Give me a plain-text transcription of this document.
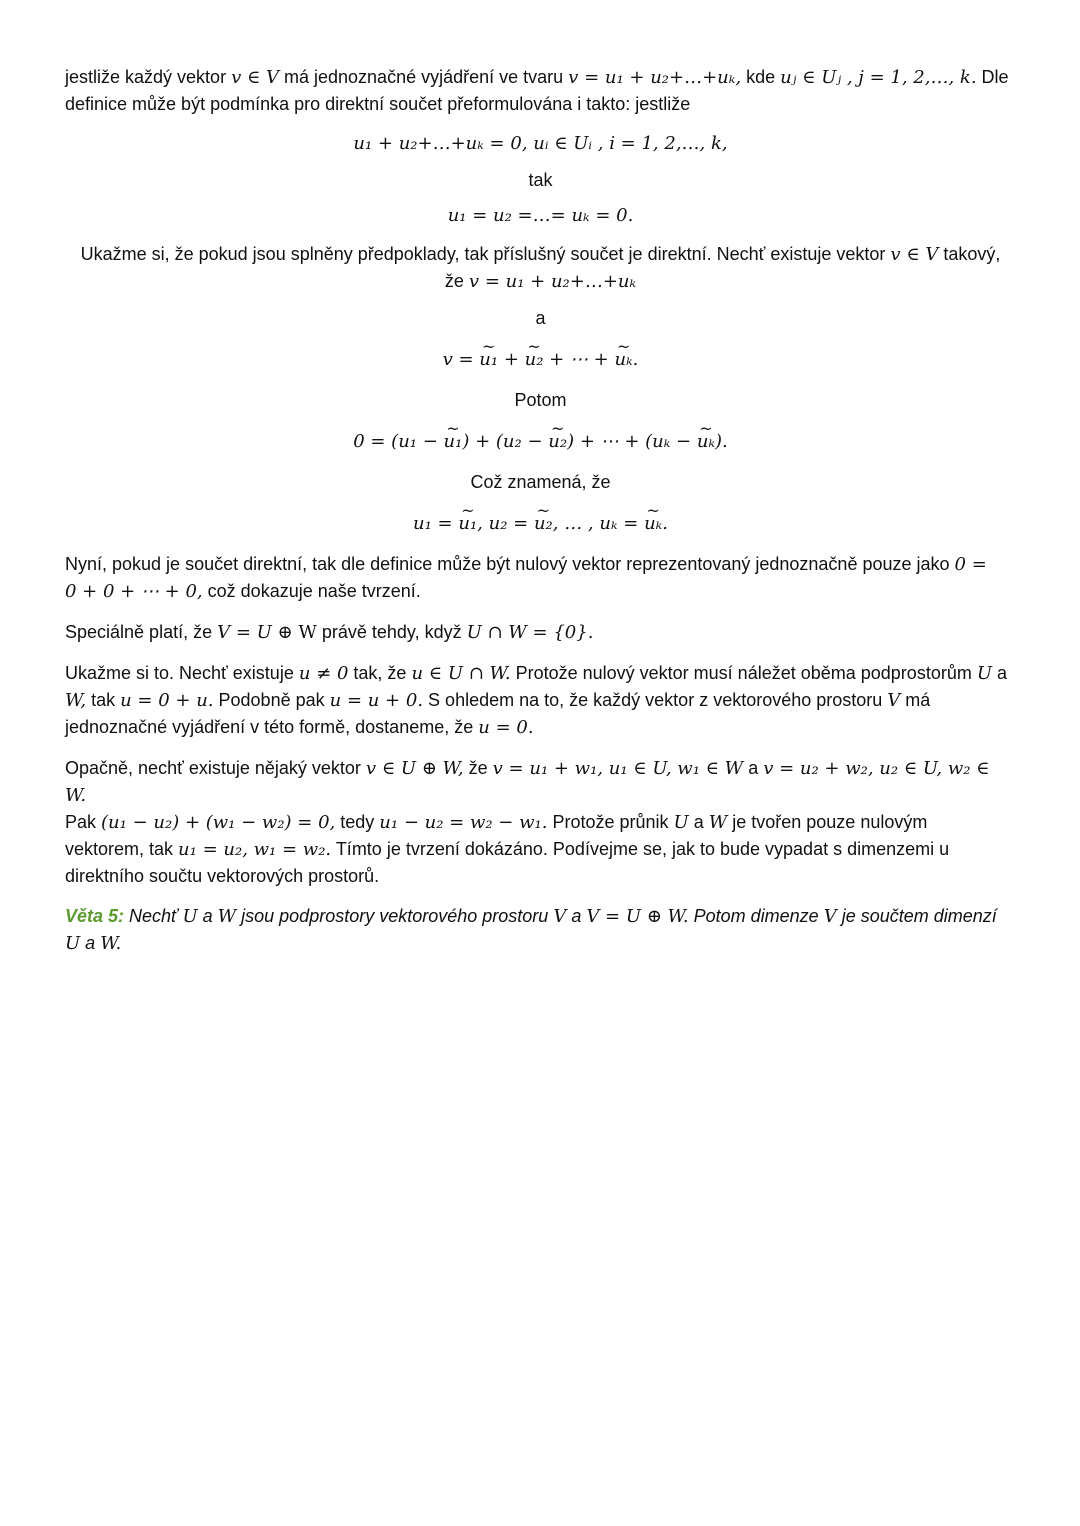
jestliže každý vektor v ∈ V má jednoznačné vyjádření ve tvaru v = u₁ + u₂+…+uₖ, kde uⱼ ∈ Uⱼ , j = 1, 2,…, k. Dle
definice může být podmínka pro direktní součet přeformulována i takto: jestliže

u₁ + u₂+…+uₖ = 0, uᵢ ∈ Uᵢ , i = 1, 2,…, k,

tak

u₁ = u₂ =…= uₖ = 0.

Ukažme si, že pokud jsou splněny předpoklady, tak příslušný součet je direktní. Nechť existuje vektor v ∈ V takový,
že v = u₁ + u₂+…+uₖ

a

v = ~ u₁ + ~ u₂ + ⋯ + ~ uₖ.

Potom

0 = (u₁ − ~ u₁) + (u₂ − ~ u₂) + ⋯ + (uₖ − ~ uₖ).

Což znamená, že

u₁ = ~ u₁, u₂ = ~ u₂, … , uₖ = ~ uₖ.

Nyní, pokud je součet direktní, tak dle definice může být nulový vektor reprezentovaný jednoznačně pouze jako 0 =
0 + 0 + ⋯ + 0, což dokazuje naše tvrzení.

Speciálně platí, že V = U ⊕ W právě tehdy, když U ∩ W = {0}.

Ukažme si to. Nechť existuje u ≠ 0 tak, že u ∈ U ∩ W. Protože nulový vektor musí náležet oběma podprostorům U a
W, tak u = 0 + u. Podobně pak u = u + 0. S ohledem na to, že každý vektor z vektorového prostoru V má
jednoznačné vyjádření v této formě, dostaneme, že u = 0.

Opačně, nechť existuje nějaký vektor v ∈ U ⊕ W, že v = u₁ + w₁, u₁ ∈ U, w₁ ∈ W a v = u₂ + w₂, u₂ ∈ U, w₂ ∈ W.
Pak (u₁ − u₂) + (w₁ − w₂) = 0, tedy u₁ − u₂ = w₂ − w₁. Protože průnik U a W je tvořen pouze nulovým
vektorem, tak u₁ = u₂, w₁ = w₂. Tímto je tvrzení dokázáno. Podívejme se, jak to bude vypadat s dimenzemi u
direktního součtu vektorových prostorů.

Věta 5: Nechť U a W jsou podprostory vektorového prostoru V a V = U ⊕ W. Potom dimenze V je součtem dimenzí
U a W.
